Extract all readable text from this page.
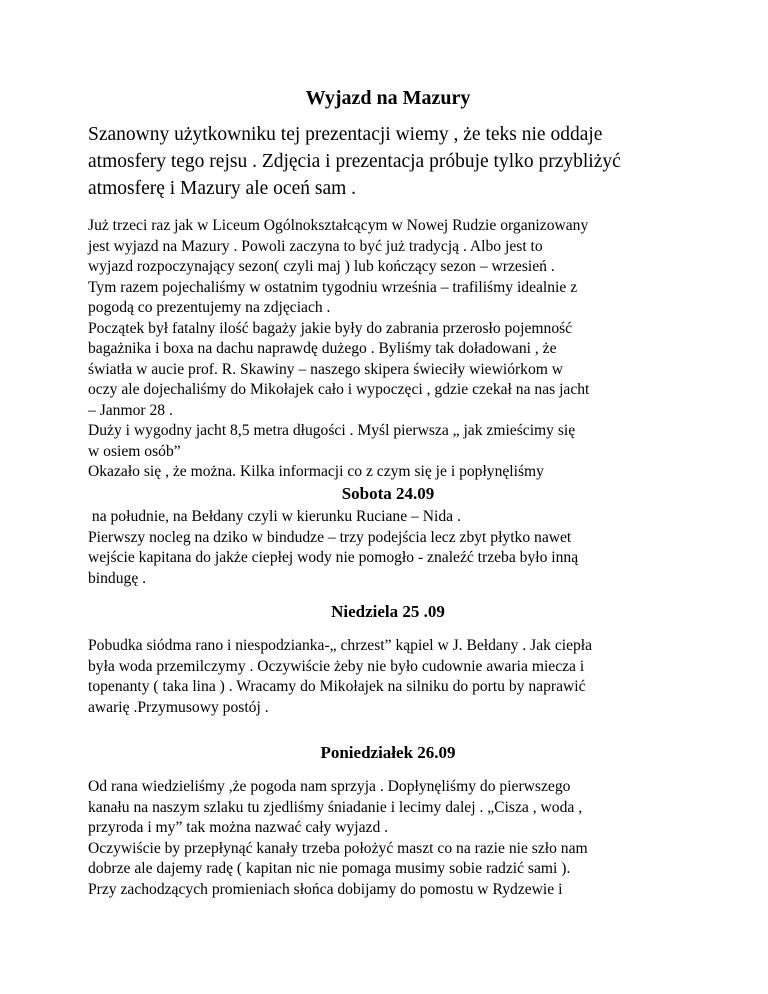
Wyjazd na Mazury
Szanowny użytkowniku tej prezentacji wiemy , że teks nie oddaje
atmosfery tego rejsu . Zdjęcia i prezentacja próbuje tylko przybliżyć
atmosferę i Mazury ale oceń sam .
Już trzeci raz jak w Liceum Ogólnokształcącym w Nowej Rudzie organizowany
jest wyjazd na Mazury . Powoli zaczyna to być już tradycją . Albo jest to
wyjazd rozpoczynający sezon( czyli maj ) lub kończący sezon – wrzesień .
Tym razem pojechaliśmy w ostatnim tygodniu września – trafiliśmy idealnie z
pogodą co prezentujemy na zdjęciach .
Początek był fatalny ilość bagaży jakie były do zabrania przerosło pojemność
bagażnika i boxa na dachu naprawdę dużego . Byliśmy tak doładowani , że
światła w aucie prof. R. Skawiny – naszego skipera świeciły wiewiórkom w
oczy ale dojechaliśmy do Mikołajek cało i wypoczęci , gdzie czekał na nas jacht
– Janmor 28 .
Duży i wygodny jacht 8,5 metra długości . Myśl pierwsza „ jak zmieścimy się
w osiem osób”
Okazało się , że można. Kilka informacji co z czym się je i popłynęliśmy
Sobota 24.09
na południe, na Bełdany czyli w kierunku Ruciane – Nida .
Pierwszy nocleg na dziko w bindudze – trzy podejścia lecz zbyt płytko nawet
wejście kapitana do jakże ciepłej wody nie pomogło - znaleźć trzeba było inną
bindugę .
Niedziela 25 .09
Pobudka siódma rano i niespodzianka-„ chrzest” kąpiel w J. Bełdany . Jak ciepła
była woda przemilczymy . Oczywiście żeby nie było cudownie awaria miecza i
topenanty ( taka lina ) . Wracamy do Mikołajek na silniku do portu by naprawić
awarię .Przymusowy postój .
Poniedziałek 26.09
Od rana wiedzieliśmy ,że pogoda nam sprzyja . Dopłynęliśmy do pierwszego
kanału na naszym szlaku tu zjedliśmy śniadanie i lecimy dalej . „Cisza , woda ,
przyroda i my” tak można nazwać cały wyjazd .
Oczywiście by przepłynąć kanały trzeba położyć maszt co na razie nie szło nam
dobrze ale dajemy radę ( kapitan nic nie pomaga musimy sobie radzić sami ).
Przy zachodzących promieniach słońca dobijamy do pomostu w Rydzewie i
